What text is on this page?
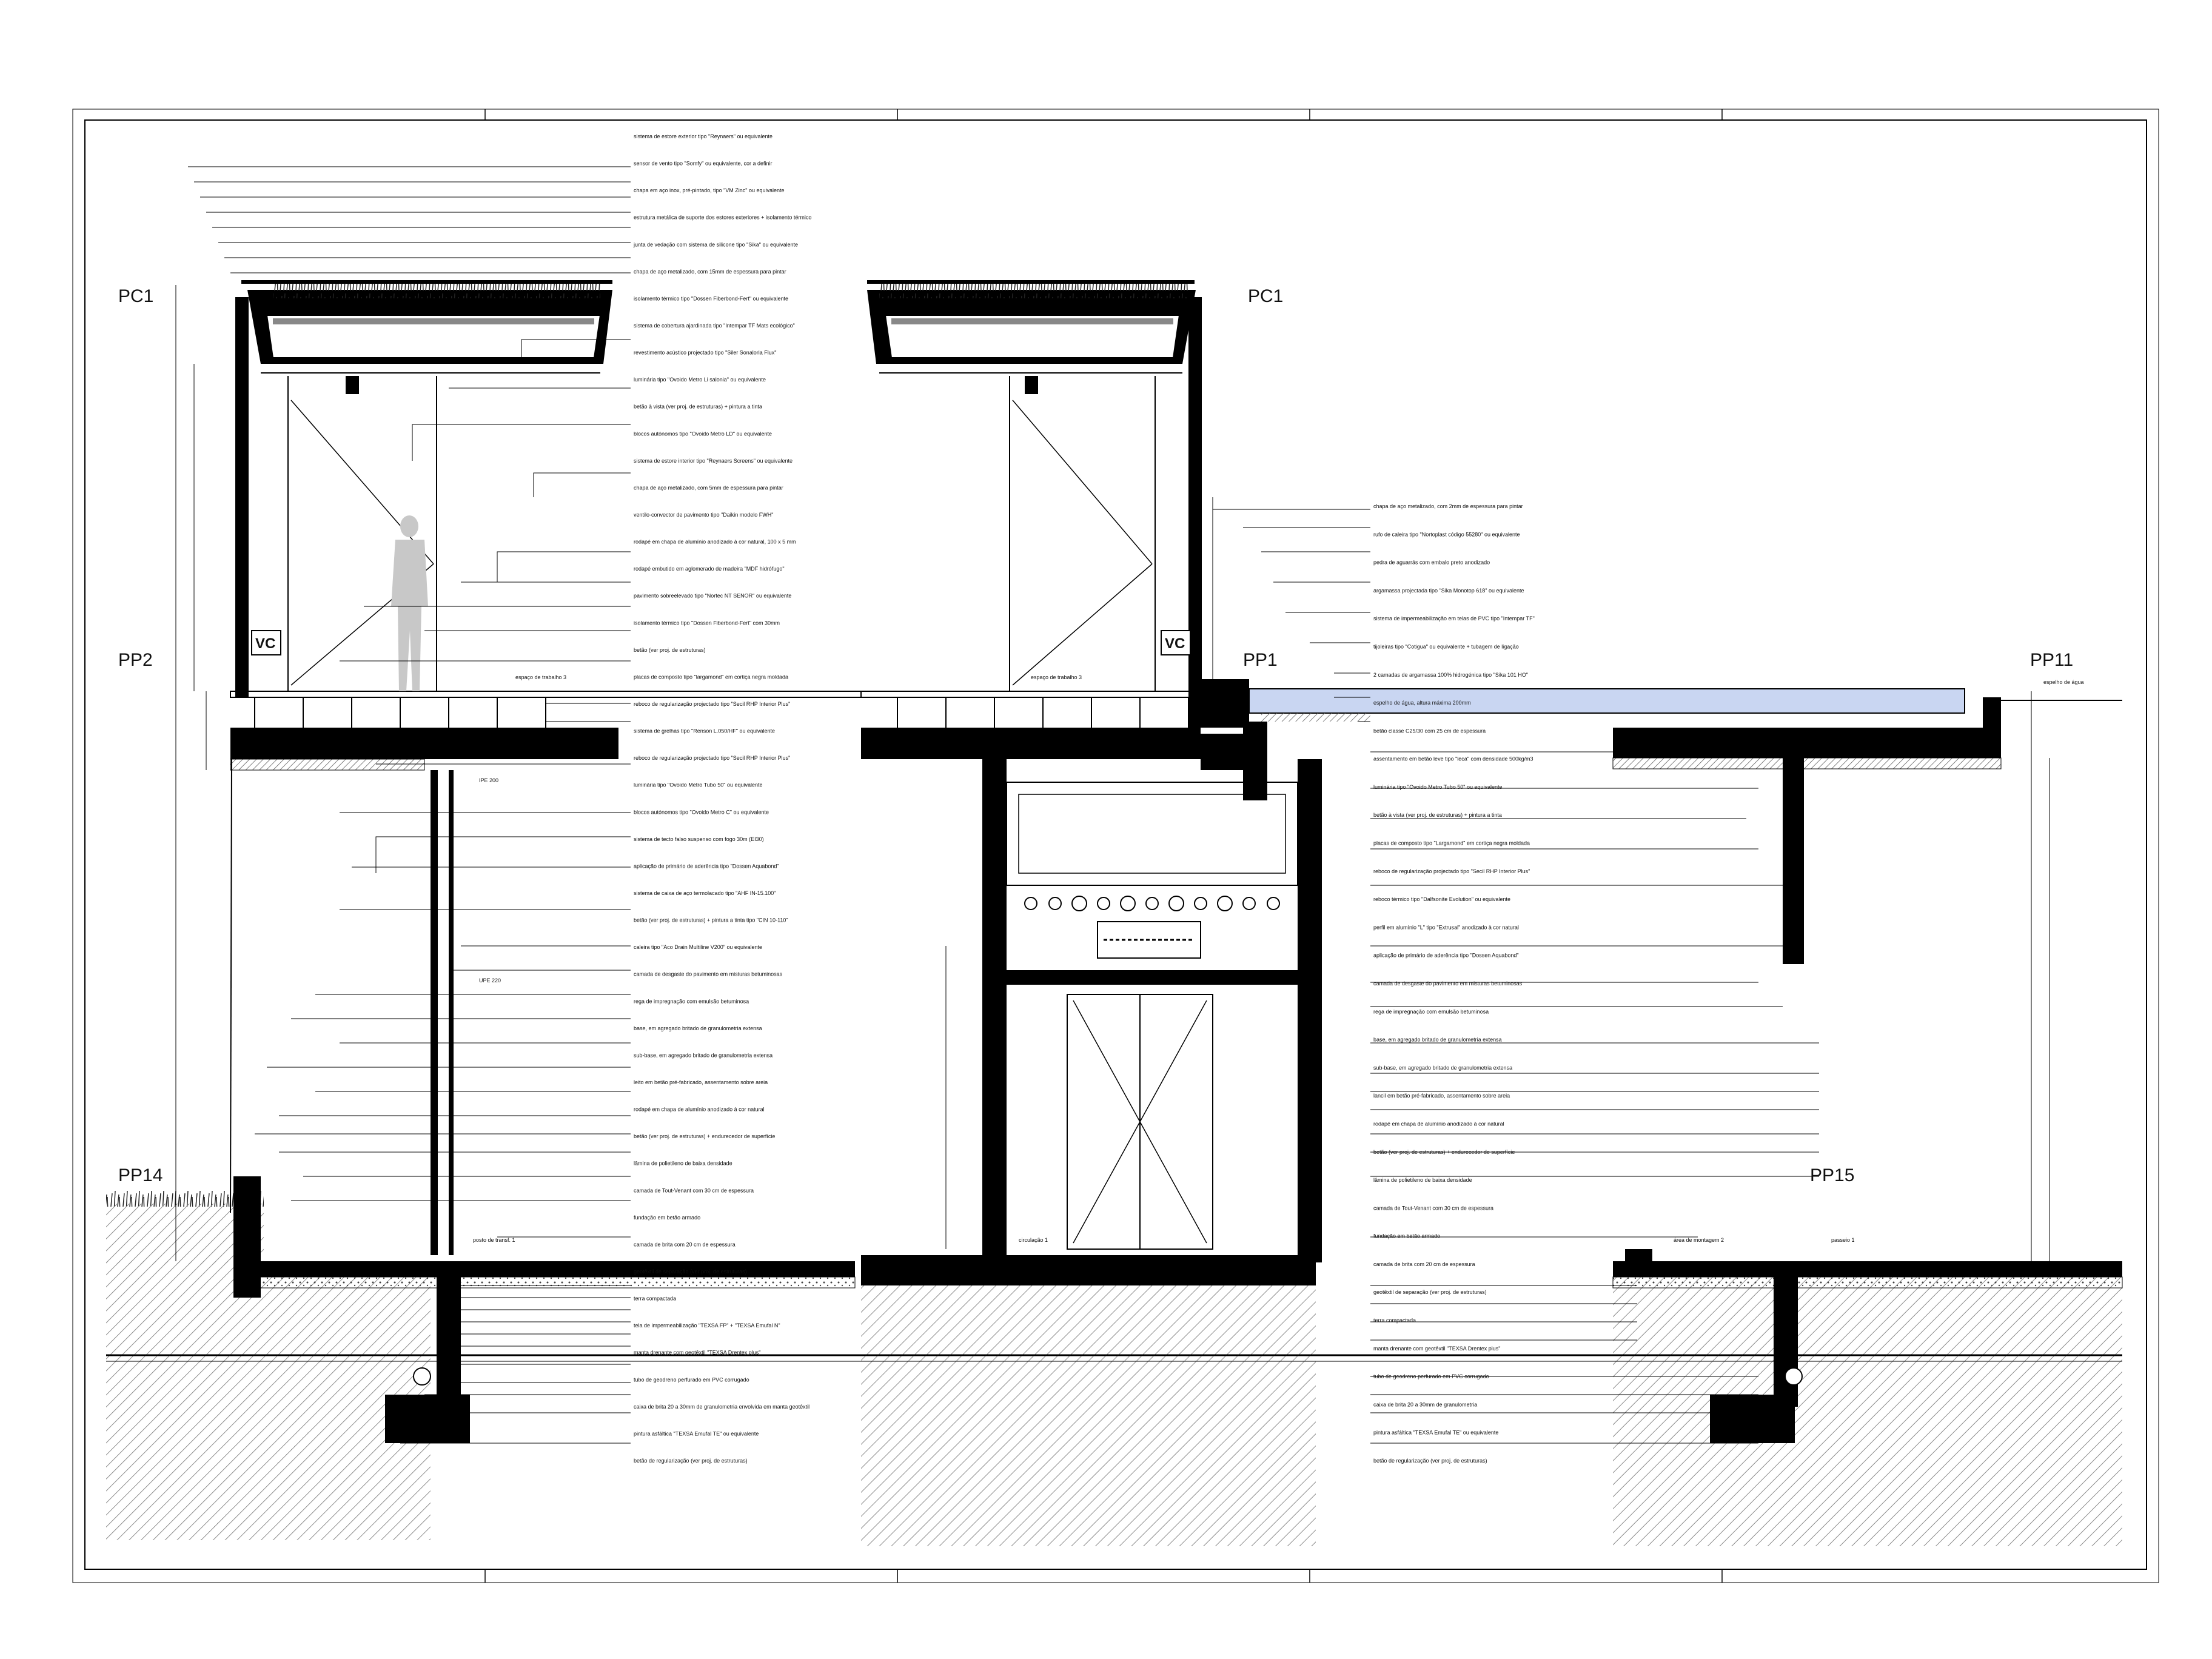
PC1	PC1
PP2	PP1	PP11
PP14	PP15
VC	VC
espelho de água
circulação 1	área de montagem 2	passeio 1
IPE 200
UPE 220
espaço de trabalho 3	espaço de trabalho 3
posto de transf. 1
sistema de estore exterior tipo "Reynaers" ou equivalente
sensor de vento tipo "Somfy" ou equivalente, cor a definir
chapa em aço inox, pré-pintado, tipo "VM Zinc" ou equivalente
estrutura metálica de suporte dos estores exteriores + isolamento térmico
junta de vedação com sistema de silicone tipo "Sika" ou equivalente
chapa de aço metalizado, com 15mm de espessura para pintar
isolamento térmico tipo "Dossen Fiberbond-Fert" ou equivalente
sistema de cobertura ajardinada tipo "Intempar TF Mats ecológico"
revestimento acústico projectado tipo "Siler Sonaloria Flux"
luminária tipo "Ovoido Metro Li salonia" ou equivalente
betão à vista (ver proj. de estruturas) + pintura a tinta
blocos autónomos tipo "Ovoido Metro LD" ou equivalente
sistema de estore interior tipo "Reynaers Screens" ou equivalente
chapa de aço metalizado, com 5mm de espessura para pintar
ventilo-convector de pavimento tipo "Daikin modelo FWH"
rodapé em chapa de alumínio anodizado à cor natural, 100 x 5 mm
rodapé embutido em aglomerado de madeira "MDF hidrófugo"
pavimento sobreelevado tipo "Nortec NT SENOR" ou equivalente
isolamento térmico tipo "Dossen Fiberbond-Fert" com 30mm
betão (ver proj. de estruturas)
placas de composto tipo "largamond" em cortiça negra moldada
reboco de regularização projectado tipo "Secil RHP Interior Plus"
sistema de grelhas tipo "Renson L.050/HF" ou equivalente
reboco de regularização projectado tipo "Secil RHP Interior Plus"
luminária tipo "Ovoido Metro Tubo 50" ou equivalente
blocos autónomos tipo "Ovoido Metro C" ou equivalente
sistema de tecto falso suspenso com fogo 30m (EI30)
aplicação de primário de aderência tipo "Dossen Aquabond"
sistema de caixa de aço termolacado tipo "AHF IN-15.100"
betão (ver proj. de estruturas) + pintura a tinta tipo "CIN 10-110"
caleira tipo "Aco Drain Multiline V200" ou equivalente
camada de desgaste do pavimento em misturas betuminosas
rega de impregnação com emulsão betuminosa
base, em agregado britado de granulometria extensa
sub-base, em agregado britado de granulometria extensa
leito em betão pré-fabricado, assentamento sobre areia
rodapé em chapa de alumínio anodizado à cor natural
betão (ver proj. de estruturas) + endurecedor de superfície
lâmina de polietileno de baixa densidade
camada de Tout-Venant com 30 cm de espessura
fundação em betão armado
camada de brita com 20 cm de espessura
geotêxtil de separação (ver proj. de estruturas)
terra compactada
tela de impermeabilização "TEXSA FP" + "TEXSA Emufal N"
manta drenante com geotêxtil "TEXSA Drentex plus"
tubo de geodreno perfurado em PVC corrugado
caixa de brita 20 a 30mm de granulometria envolvida em manta geotêxtil
pintura asfáltica "TEXSA Emufal TE" ou equivalente
betão de regularização (ver proj. de estruturas)
chapa de aço metalizado, com 2mm de espessura para pintar
rufo de caleira tipo "Nortoplast código 55280" ou equivalente
pedra de aguarrás com embalo preto anodizado
argamassa projectada tipo "Sika Monotop 618" ou equivalente
sistema de impermeabilização em telas de PVC tipo "Intempar TF"
tijoleiras tipo "Cotigua" ou equivalente + tubagem de ligação
2 camadas de argamassa 100% hidrogénica tipo "Sika 101 HO"
espelho de água, altura máxima 200mm
betão classe C25/30 com 25 cm de espessura
assentamento em betão leve tipo "leca" com densidade 500kg/m3
luminária tipo "Ovoido Metro Tubo 50" ou equivalente
betão à vista (ver proj. de estruturas) + pintura a tinta
placas de composto tipo "Largamond" em cortiça negra moldada
reboco de regularização projectado tipo "Secil RHP Interior Plus"
reboco térmico tipo "Dalfsonite Evolution" ou equivalente
perfil em alumínio "L" tipo "Extrusal" anodizado à cor natural
aplicação de primário de aderência tipo "Dossen Aquabond"
camada de desgaste do pavimento em misturas betuminosas
rega de impregnação com emulsão betuminosa
base, em agregado britado de granulometria extensa
sub-base, em agregado britado de granulometria extensa
lancil em betão pré-fabricado, assentamento sobre areia
rodapé em chapa de alumínio anodizado à cor natural
betão (ver proj. de estruturas) + endurecedor de superfície
lâmina de polietileno de baixa densidade
camada de Tout-Venant com 30 cm de espessura
fundação em betão armado
camada de brita com 20 cm de espessura
geotêxtil de separação (ver proj. de estruturas)
terra compactada
manta drenante com geotêxtil "TEXSA Drentex plus"
tubo de geodreno perfurado em PVC corrugado
caixa de brita 20 a 30mm de granulometria
pintura asfáltica "TEXSA Emufal TE" ou equivalente
betão de regularização (ver proj. de estruturas)
